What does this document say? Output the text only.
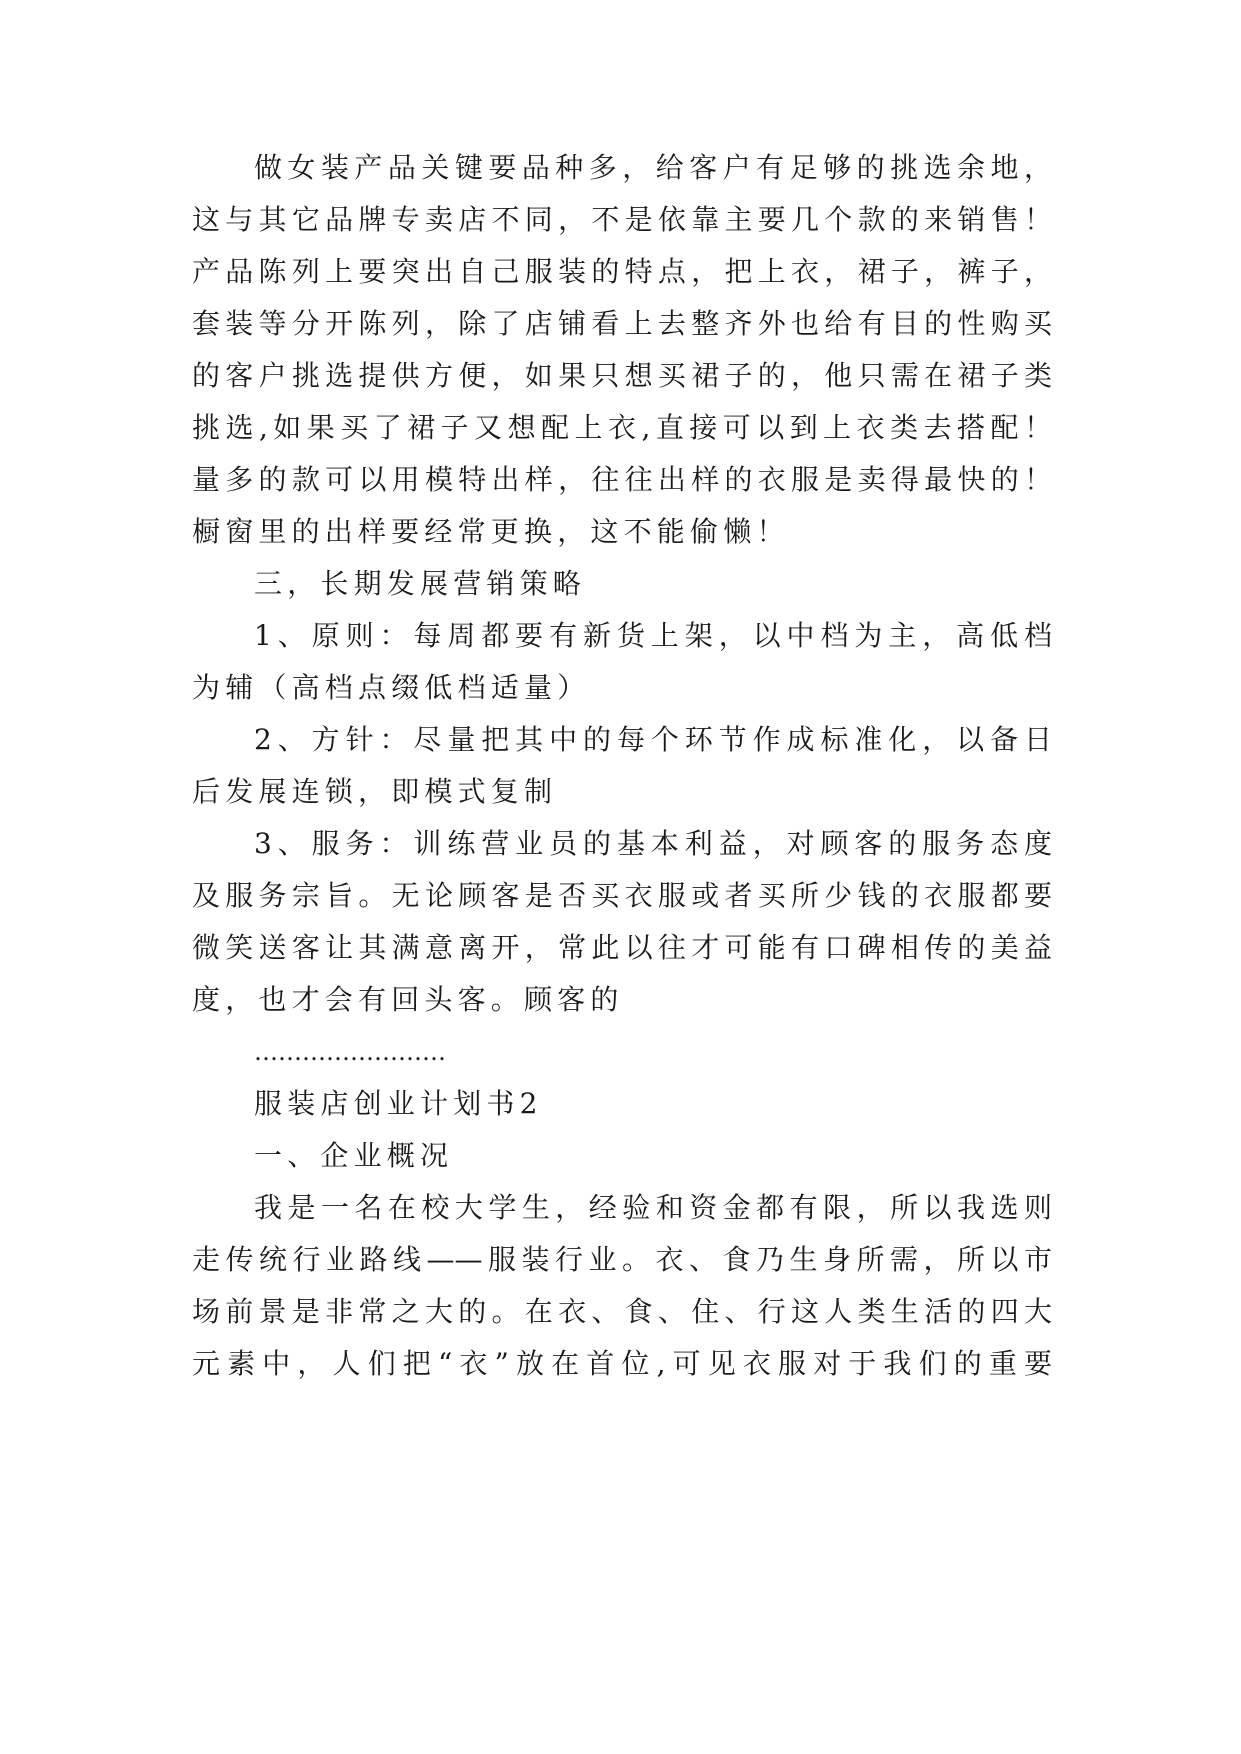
做女装产品关键要品种多，给客户有足够的挑选余地，
这与其它品牌专卖店不同，不是依靠主要几个款的来销售！
产品陈列上要突出自己服装的特点，把上衣，裙子，裤子，
套装等分开陈列，除了店铺看上去整齐外也给有目的性购买
的客户挑选提供方便，如果只想买裙子的，他只需在裙子类
挑选,如果买了裙子又想配上衣,直接可以到上衣类去搭配！
量多的款可以用模特出样，往往出样的衣服是卖得最快的！
橱窗里的出样要经常更换，这不能偷懒！
三，长期发展营销策略
1、原则：每周都要有新货上架，以中档为主，高低档
为辅（高档点缀低档适量）
2、方针：尽量把其中的每个环节作成标准化，以备日
后发展连锁，即模式复制
3、服务：训练营业员的基本利益，对顾客的服务态度
及服务宗旨。无论顾客是否买衣服或者买所少钱的衣服都要
微笑送客让其满意离开，常此以往才可能有口碑相传的美益
度，也才会有回头客。顾客的
……………………
服装店创业计划书2
一、企业概况
我是一名在校大学生，经验和资金都有限，所以我选则
走传统行业路线——服装行业。衣、食乃生身所需，所以市
场前景是非常之大的。在衣、食、住、行这人类生活的四大
元素中，人们把“衣”放在首位,可见衣服对于我们的重要
